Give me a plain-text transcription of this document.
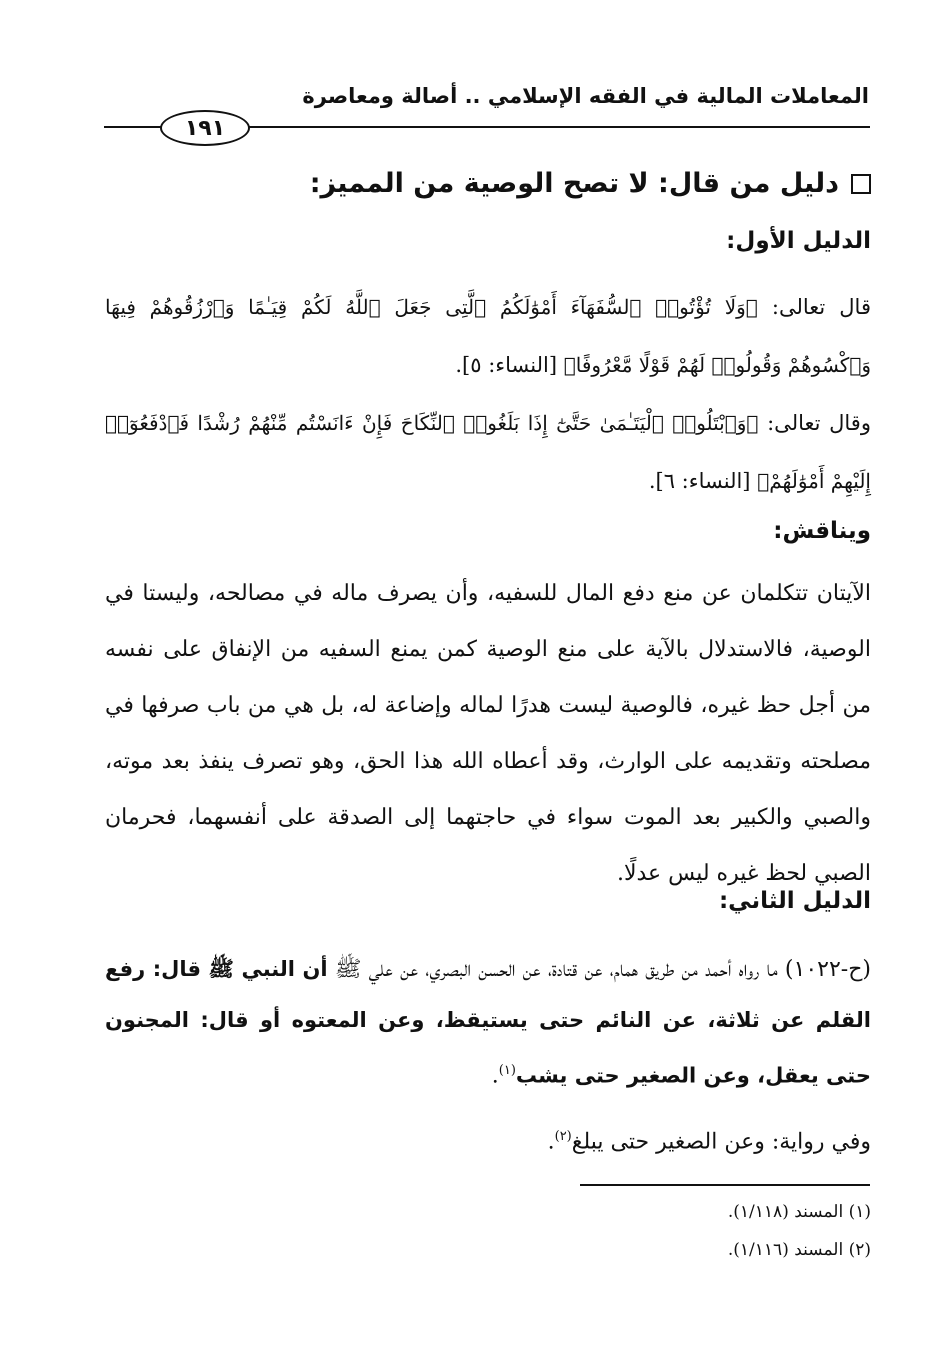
المعاملات المالية في الفقه الإسلامي .. أصالة ومعاصرة
١٩١
دليل من قال: لا تصح الوصية من المميز:
الدليل الأول:
قال تعالى: ﴿وَلَا تُؤْتُوا۟ ٱلسُّفَهَآءَ أَمْوَٰلَكُمُ ٱلَّتِى جَعَلَ ٱللَّهُ لَكُمْ قِيَـٰمًا وَٱرْزُقُوهُمْ فِيهَا وَٱكْسُوهُمْ وَقُولُوا۟ لَهُمْ قَوْلًا مَّعْرُوفًا﴾ [النساء: ٥].
وقال تعالى: ﴿وَٱبْتَلُوا۟ ٱلْيَتَـٰمَىٰ حَتَّىٰٓ إِذَا بَلَغُوا۟ ٱلنِّكَاحَ فَإِنْ ءَانَسْتُم مِّنْهُمْ رُشْدًا فَٱدْفَعُوٓا۟ إِلَيْهِمْ أَمْوَٰلَهُمْ﴾ [النساء: ٦].
ويناقش:
الآيتان تتكلمان عن منع دفع المال للسفيه، وأن يصرف ماله في مصالحه، وليستا في الوصية، فالاستدلال بالآية على منع الوصية كمن يمنع السفيه من الإنفاق على نفسه من أجل حظ غيره، فالوصية ليست هدرًا لماله وإضاعة له، بل هي من باب صرفها في مصلحته وتقديمه على الوارث، وقد أعطاه الله هذا الحق، وهو تصرف ينفذ بعد موته، والصبي والكبير بعد الموت سواء في حاجتهما إلى الصدقة على أنفسهما، فحرمان الصبي لحظ غيره ليس عدلًا.
الدليل الثاني:
(ح-١٠٢٢) ما رواه أحمد من طريق همام، عن قتادة، عن الحسن البصري، عن علي ﷺ أن النبي ﷺ قال: رفع القلم عن ثلاثة، عن النائم حتى يستيقظ، وعن المعتوه أو قال: المجنون حتى يعقل، وعن الصغير حتى يشب$^{(١)}$.
وفي رواية: وعن الصغير حتى يبلغ$^{(٢)}$.
(١) المسند (١/١١٨).
(٢) المسند (١/١١٦).
